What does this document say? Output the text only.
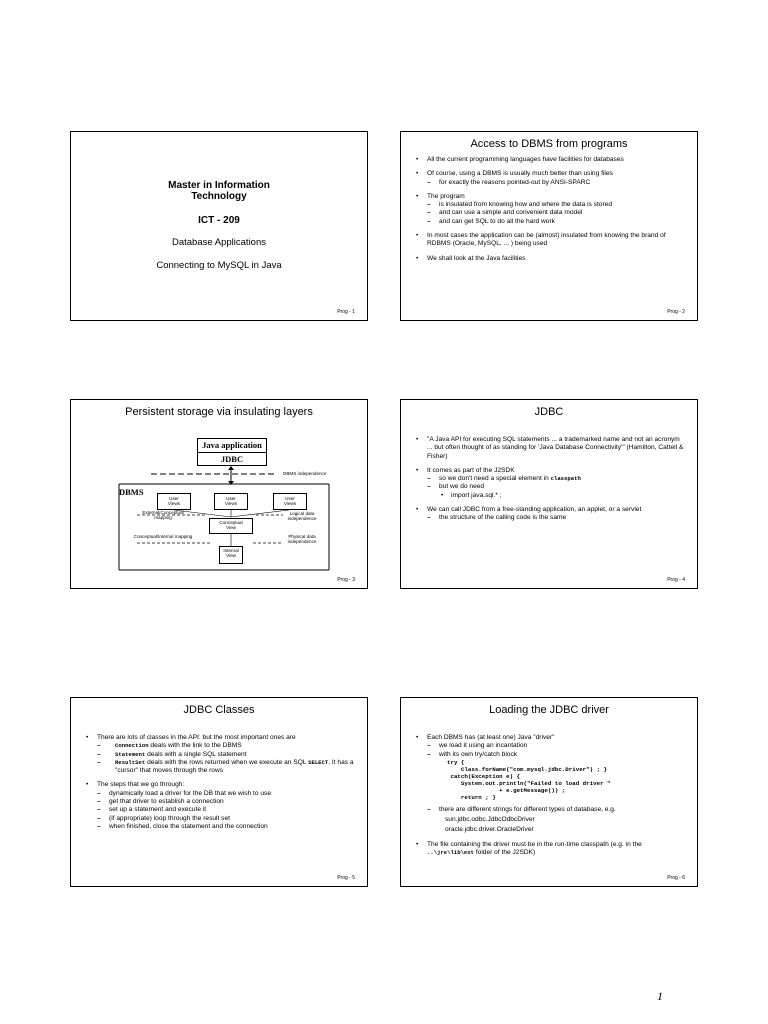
Master in Information
Technology
ICT - 209
Database Applications
Connecting to MySQL in Java
Prog - 1
Access to DBMS from programs
• All the current programming languages have facilities for databases
• Of course, using a DBMS is usually much better than using files
– for exactly the reasons pointed-out by ANSI-SPARC
• The program
– is insulated from knowing how and where the data is stored
– and can use a simple and convenient data model
– and can get SQL to do all the hard work
• In most cases the application can be (almost) insulated from knowing the brand of RDBMS (Oracle, MySQL, ... ) being used
• We shall look at the Java facilities
Prog - 2
Persistent storage via insulating layers
Java application
JDBC
DBMS independence
DBMS
User Views
User Views
User Views
External/Conceptual mapping
Conceptual View
Logical data independence
Conceptual/Internal mapping	Physical data independence
Internal View
Prog - 3
JDBC
• "A Java API for executing SQL statements ... a trademarked name and not an acronym ... but often thought of as standing for 'Java Database Connectivity'" (Hamilton, Cattell & Fisher)
• It comes as part of the J2SDK
– so we don't need a special element in classpath
– but we do need
• import java.sql.* ;
• We can call JDBC from a free-standing application, an applet, or a servlet
– the structure of the calling code is the same
Prog - 4
JDBC Classes
• There are lots of classes in the API: but the most important ones are
– Connection deals with the link to the DBMS
– Statement deals with a single SQL statement
– ResultSet deals with the rows returned when we execute an SQL SELECT. It has a "cursor" that moves through the rows
• The steps that we go through:
– dynamically load a driver for the DB that we wish to use
– get that driver to establish a connection
– set up a statement and execute it
– (if appropriate) loop through the result set
– when finished, close the statement and the connection
Prog - 5
Loading the JDBC driver
• Each DBMS has (at least one) Java "driver"
– we load it using an incantation
– with its own try/catch block
try {
Class.forName("com.mysql.jdbc.Driver") ; }
catch(Exception e) {
System.out.println("Failed to load driver "
+ e.getMessage()) ;
return ; }
– there are different strings for different types of database, e.g.
sun.jdbc.odbc.JdbcOdbcDriver
oracle.jdbc.driver.OracleDriver
• The file containing the driver must be in the run-time classpath (e.g. in the ..\jre\lib\ext folder of the J2SDK)
Prog - 6
1
